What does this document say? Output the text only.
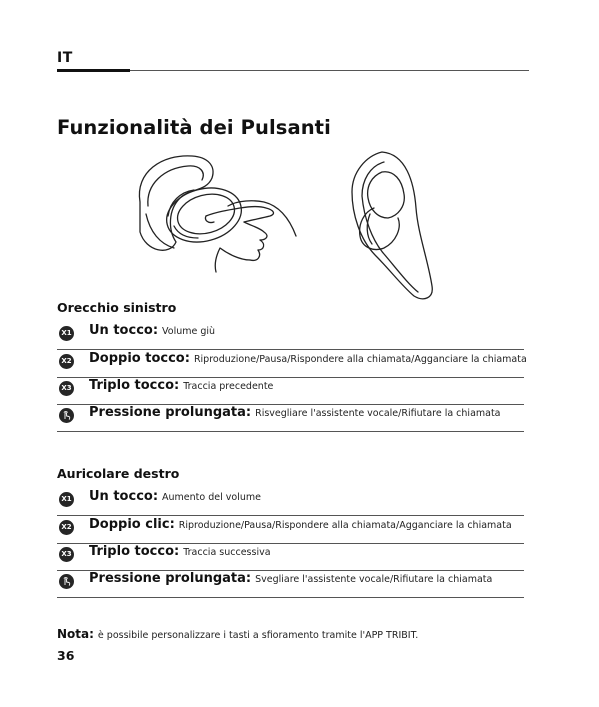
IT
Funzionalità dei Pulsanti
Orecchio sinistro
X1 Un tocco: Volume giù
X2 Doppio tocco: Riproduzione/Pausa/Rispondere alla chiamata/Agganciare la chiamata
X3 Triplo tocco: Traccia precedente
Pressione prolungata: Risvegliare l'assistente vocale/Rifiutare la chiamata
Auricolare destro
X1 Un tocco: Aumento del volume
X2 Doppio clic: Riproduzione/Pausa/Rispondere alla chiamata/Agganciare la chiamata
X3 Triplo tocco: Traccia successiva
Pressione prolungata: Svegliare l'assistente vocale/Rifiutare la chiamata
Nota: è possibile personalizzare i tasti a sfioramento tramite l'APP TRIBIT.
36
